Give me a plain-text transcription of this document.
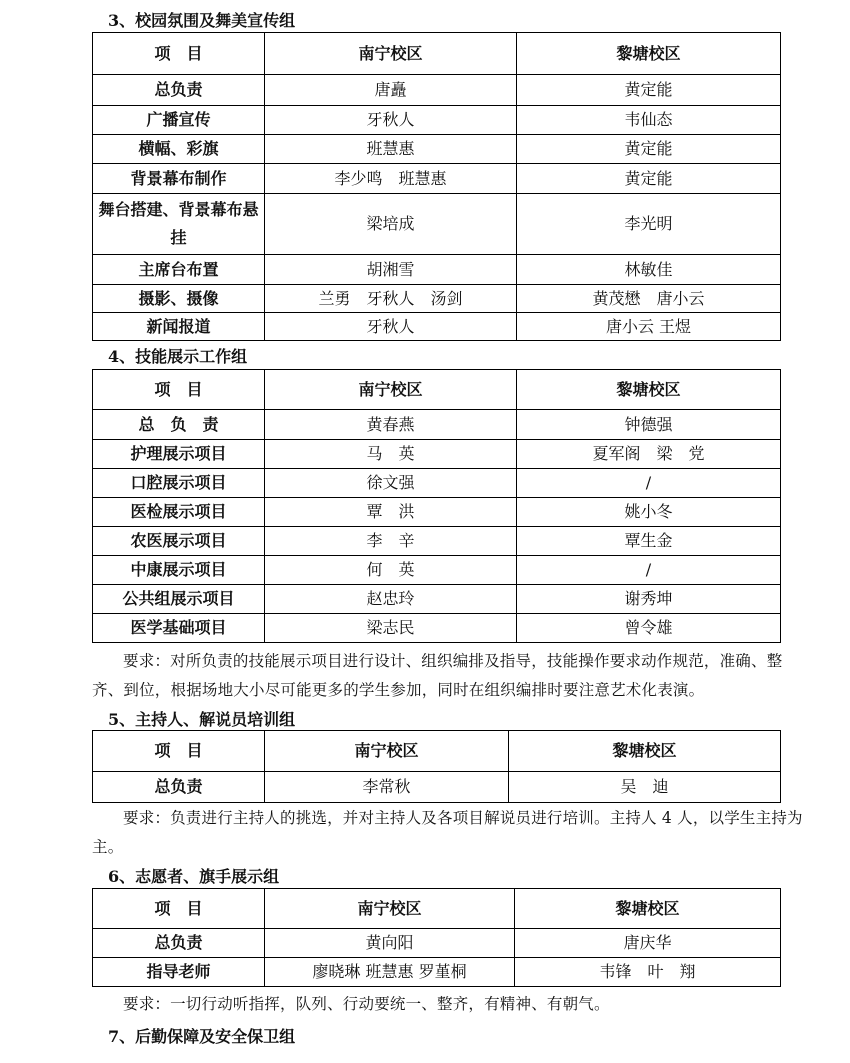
3、校园氛围及舞美宣传组
项　目	南宁校区	黎塘校区
总负责	唐矗	黄定能
广播宣传	牙秋人	韦仙态
横幅、彩旗	班慧惠	黄定能
背景幕布制作	李少鸣　班慧惠	黄定能
舞台搭建、背景幕布悬挂	梁培成	李光明
主席台布置	胡湘雪	林敏佳
摄影、摄像	兰勇　牙秋人　汤剑	黄茂懋　唐小云
新闻报道	牙秋人	唐小云 王煜
4、技能展示工作组
项　目	南宁校区	黎塘校区
总　负　责	黄春燕	钟德强
护理展示项目	马　英	夏军阁　梁　党
口腔展示项目	徐文强	/
医检展示项目	覃　洪	姚小冬
农医展示项目	李　辛	覃生金
中康展示项目	何　英	/
公共组展示项目	赵忠玲	谢秀坤
医学基础项目	梁志民	曾令雄
要求：对所负责的技能展示项目进行设计、组织编排及指导，技能操作要求动作规范，准确、整齐、到位，根据场地大小尽可能更多的学生参加，同时在组织编排时要注意艺术化表演。
5、主持人、解说员培训组
项　目	南宁校区	黎塘校区
总负责	李常秋	吴　迪
要求：负责进行主持人的挑选，并对主持人及各项目解说员进行培训。主持人 4 人，以学生主持为主。
6、志愿者、旗手展示组
项　目	南宁校区	黎塘校区
总负责	黄向阳	唐庆华
指导老师	廖晓琳 班慧惠 罗堇桐	韦锋　叶　翔
要求：一切行动听指挥，队列、行动要统一、整齐，有精神、有朝气。
7、后勤保障及安全保卫组
